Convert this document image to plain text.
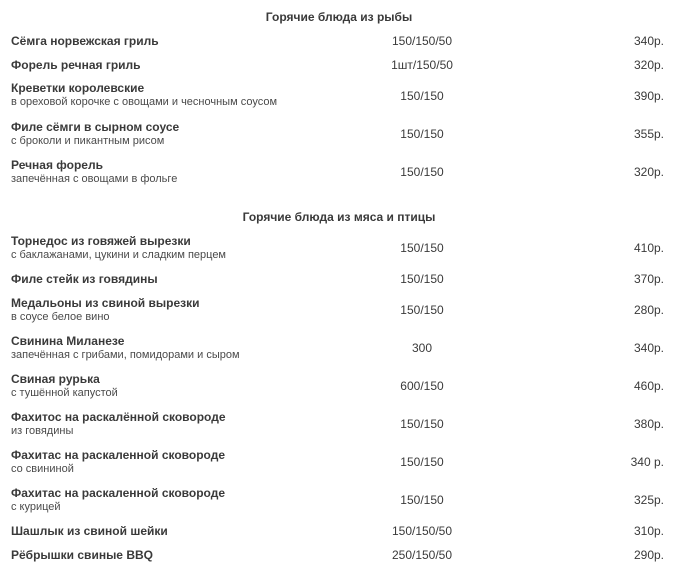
Горячие блюда из рыбы
Сёмга норвежская гриль	150/150/50	340р.
Форель речная гриль	1шт/150/50	320р.
Креветки королевские
в ореховой корочке с овощами и чесночным соусом	150/150	390р.
Филе сёмги в сырном соусе
с броколи и пикантным рисом	150/150	355р.
Речная форель
запечённая с овощами в фольге	150/150	320р.
Горячие блюда из мяса и птицы
Торнедос из говяжей вырезки
с баклажанами, цукини и сладким перцем	150/150	410р.
Филе стейк из говядины	150/150	370р.
Медальоны из свиной вырезки
в соусе белое вино	150/150	280р.
Свинина Миланезе
запечённая с грибами, помидорами и сыром	300	340р.
Свиная рурька
с тушённой капустой	600/150	460р.
Фахитос на раскалённой сковороде
из говядины	150/150	380р.
Фахитас на раскаленной сковороде
со свининой	150/150	340 р.
Фахитас на раскаленной сковороде
с курицей	150/150	325р.
Шашлык из свиной шейки	150/150/50	310р.
Рёбрышки свиные BBQ	250/150/50	290р.
